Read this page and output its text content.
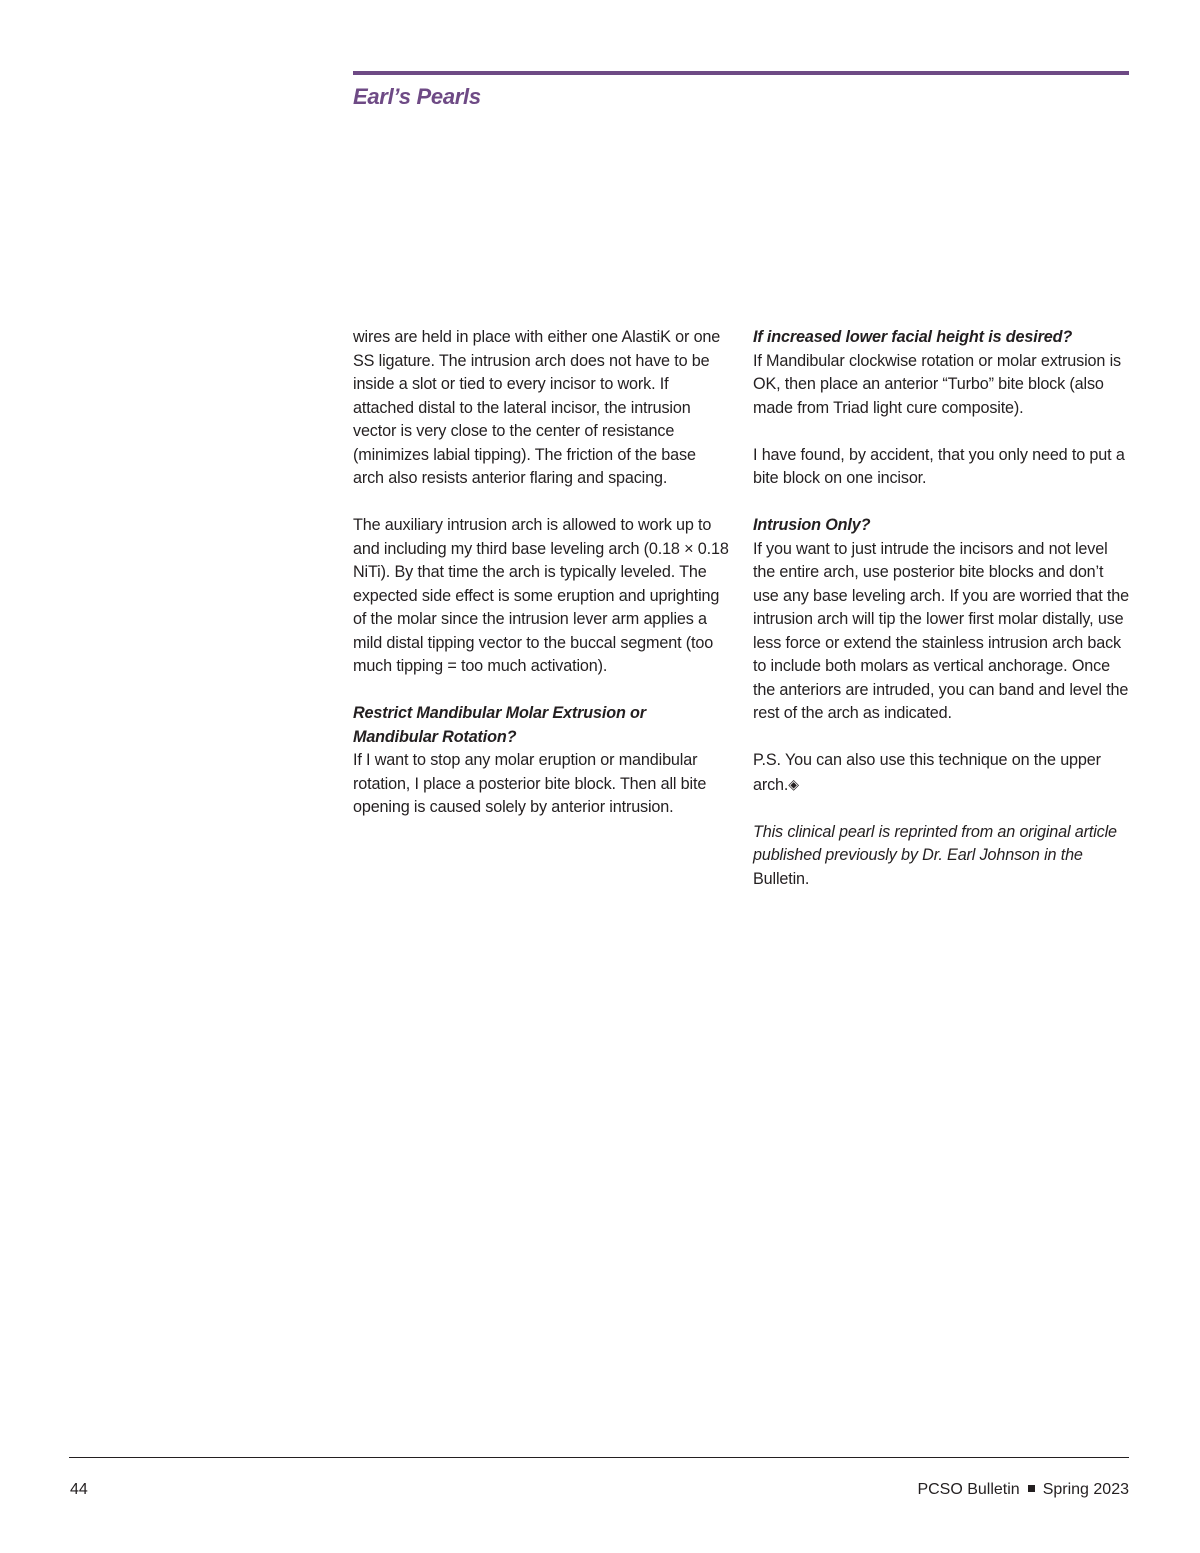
Earl’s Pearls

wires are held in place with either one AlastiK or one SS ligature. The intrusion arch does not have to be inside a slot or tied to every incisor to work. If attached distal to the lateral incisor, the intrusion vector is very close to the center of resistance (minimizes labial tipping). The friction of the base arch also resists anterior flaring and spacing.

The auxiliary intrusion arch is allowed to work up to and including my third base leveling arch (0.18 × 0.18 NiTi). By that time the arch is typically leveled. The expected side effect is some eruption and uprighting of the molar since the intrusion lever arm applies a mild distal tipping vector to the buccal segment (too much tipping = too much activation).

Restrict Mandibular Molar Extrusion or Mandibular Rotation?

If I want to stop any molar eruption or mandibular rotation, I place a posterior bite block. Then all bite opening is caused solely by anterior intrusion.

If increased lower facial height is desired?

If Mandibular clockwise rotation or molar extrusion is OK, then place an anterior “Turbo” bite block (also made from Triad light cure composite).

I have found, by accident, that you only need to put a bite block on one incisor.

Intrusion Only?

If you want to just intrude the incisors and not level the entire arch, use posterior bite blocks and don’t use any base leveling arch. If you are worried that the intrusion arch will tip the lower first molar distally, use less force or extend the stainless intrusion arch back to include both molars as vertical anchorage. Once the anteriors are intruded, you can band and level the rest of the arch as indicated.

P.S. You can also use this technique on the upper arch.◈

This clinical pearl is reprinted from an original article published previously by Dr. Earl Johnson in the Bulletin.

44	PCSO Bulletin Spring 2023
